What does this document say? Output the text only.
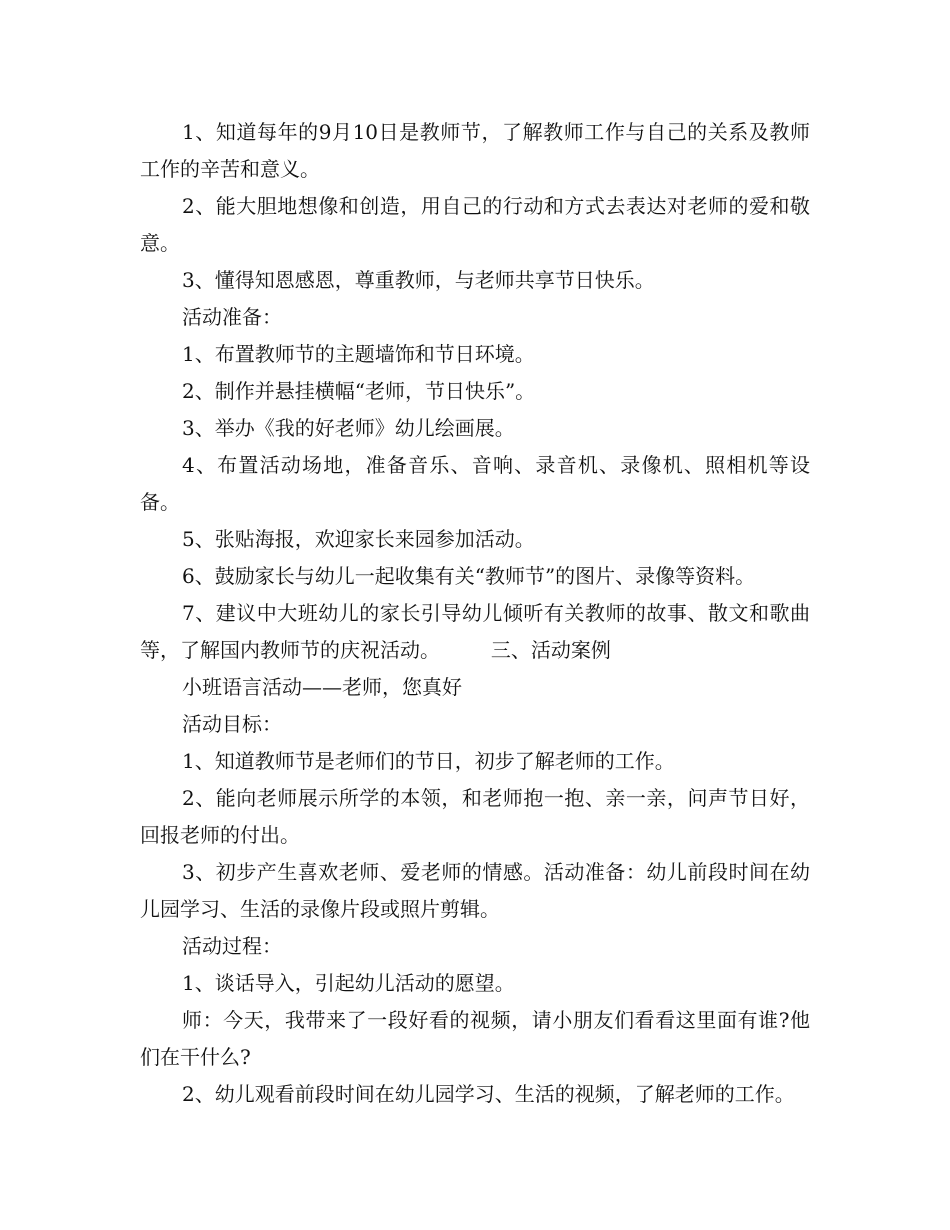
1、知道每年的9月10日是教师节，了解教师工作与自己的关系及教师工作的辛苦和意义。

2、能大胆地想像和创造，用自己的行动和方式去表达对老师的爱和敬意。

3、懂得知恩感恩，尊重教师，与老师共享节日快乐。

活动准备：

1、布置教师节的主题墙饰和节日环境。

2、制作并悬挂横幅“老师，节日快乐”。

3、举办《我的好老师》幼儿绘画展。

4、布置活动场地，准备音乐、音响、录音机、录像机、照相机等设备。

5、张贴海报，欢迎家长来园参加活动。

6、鼓励家长与幼儿一起收集有关“教师节”的图片、录像等资料。

7、建议中大班幼儿的家长引导幼儿倾听有关教师的故事、散文和歌曲等，了解国内教师节的庆祝活动。        三、活动案例

小班语言活动——老师，您真好

活动目标：

1、知道教师节是老师们的节日，初步了解老师的工作。

2、能向老师展示所学的本领，和老师抱一抱、亲一亲，问声节日好，回报老师的付出。

3、初步产生喜欢老师、爱老师的情感。活动准备：幼儿前段时间在幼儿园学习、生活的录像片段或照片剪辑。

活动过程：

1、谈话导入，引起幼儿活动的愿望。

师：今天，我带来了一段好看的视频，请小朋友们看看这里面有谁?他们在干什么?

2、幼儿观看前段时间在幼儿园学习、生活的视频，了解老师的工作。
